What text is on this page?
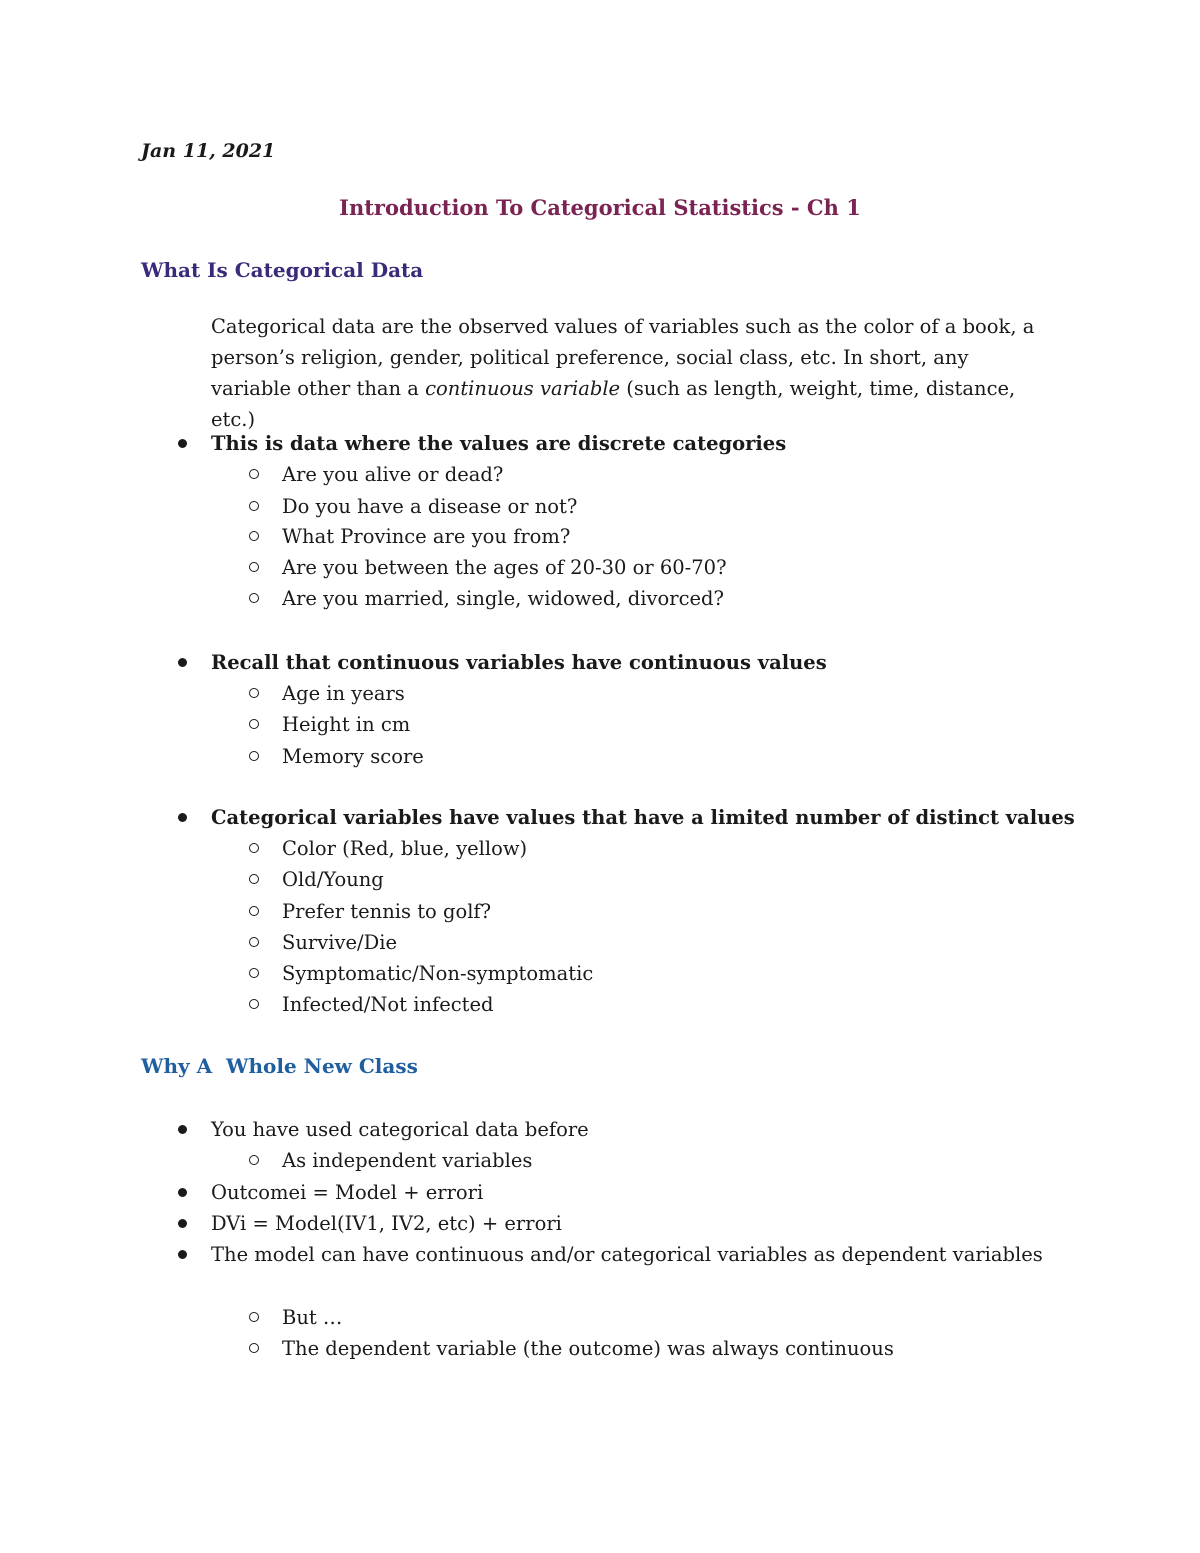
Jan 11, 2021
Introduction To Categorical Statistics - Ch 1
What Is Categorical Data
Categorical data are the observed values of variables such as the color of a book, a person’s religion, gender, political preference, social class, etc. In short, any variable other than a continuous variable (such as length, weight, time, distance, etc.)
This is data where the values are discrete categories
Are you alive or dead?
Do you have a disease or not?
What Province are you from?
Are you between the ages of 20-30 or 60-70?
Are you married, single, widowed, divorced?
Recall that continuous variables have continuous values
Age in years
Height in cm
Memory score
Categorical variables have values that have a limited number of distinct values
Color (Red, blue, yellow)
Old/Young
Prefer tennis to golf?
Survive/Die
Symptomatic/Non-symptomatic
Infected/Not infected
Why A  Whole New Class
You have used categorical data before
As independent variables
Outcomei = Model + errori
DVi = Model(IV1, IV2, etc) + errori
The model can have continuous and/or categorical variables as dependent variables
But …
The dependent variable (the outcome) was always continuous
